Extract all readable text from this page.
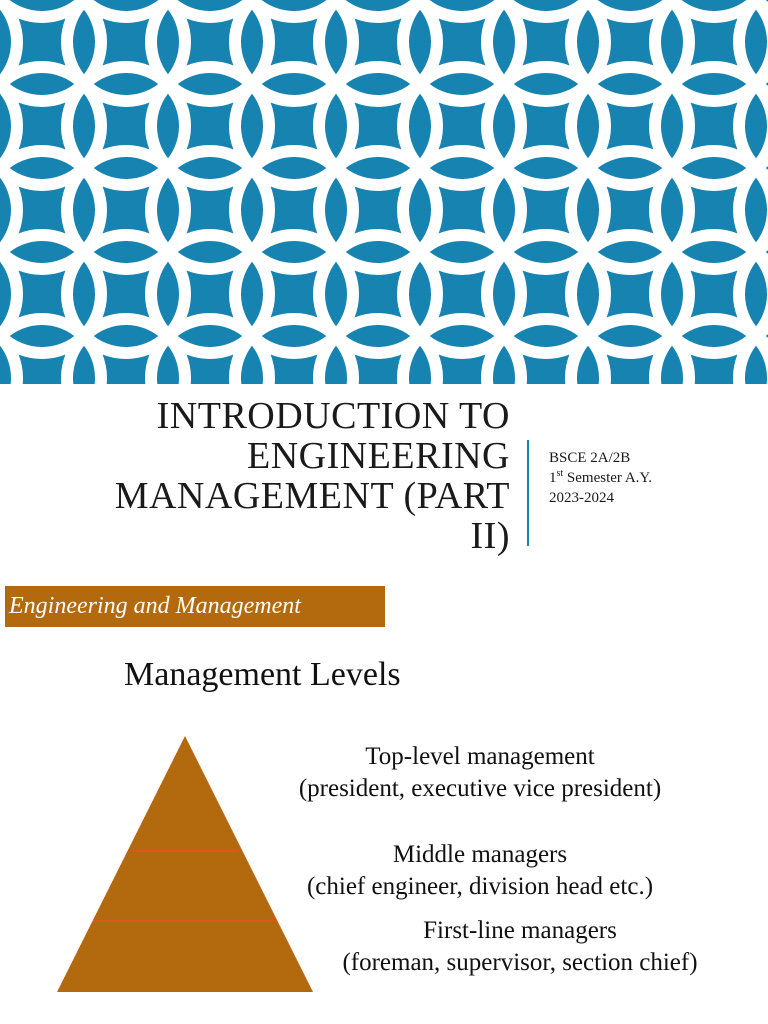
INTRODUCTION TO
ENGINEERING
MANAGEMENT (PART
II)
BSCE 2A/2B
1st Semester A.Y.
2023-2024
Engineering and Management
Management Levels
Top-level management
(president, executive vice president)
Middle managers
(chief engineer, division head etc.)
First-line managers
(foreman, supervisor, section chief)
